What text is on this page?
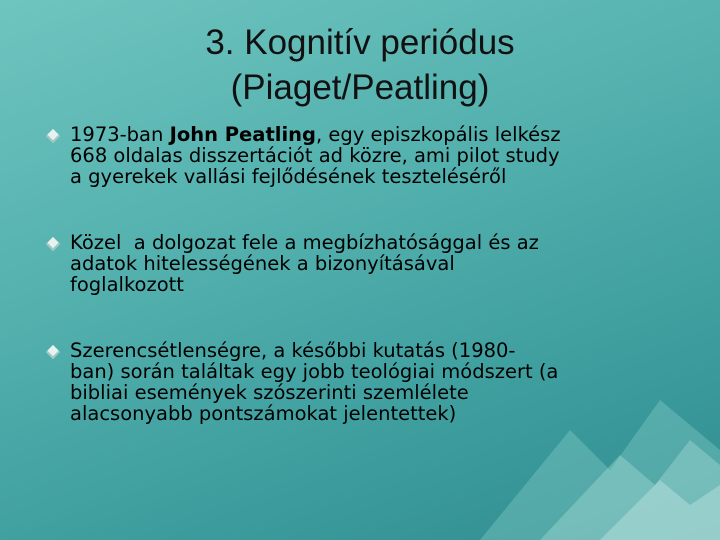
3. Kognitív periódus
(Piaget/Peatling)
1973-ban John Peatling, egy episzkopális lelkész
668 oldalas disszertációt ad közre, ami pilot study
a gyerekek vallási fejlődésének teszteléséről
Közel  a dolgozat fele a megbízhatósággal és az
adatok hitelességének a bizonyításával
foglalkozott
Szerencsétlenségre, a későbbi kutatás (1980-
ban) során találtak egy jobb teológiai módszert (a
bibliai események szószerinti szemlélete
alacsonyabb pontszámokat jelentettek)
